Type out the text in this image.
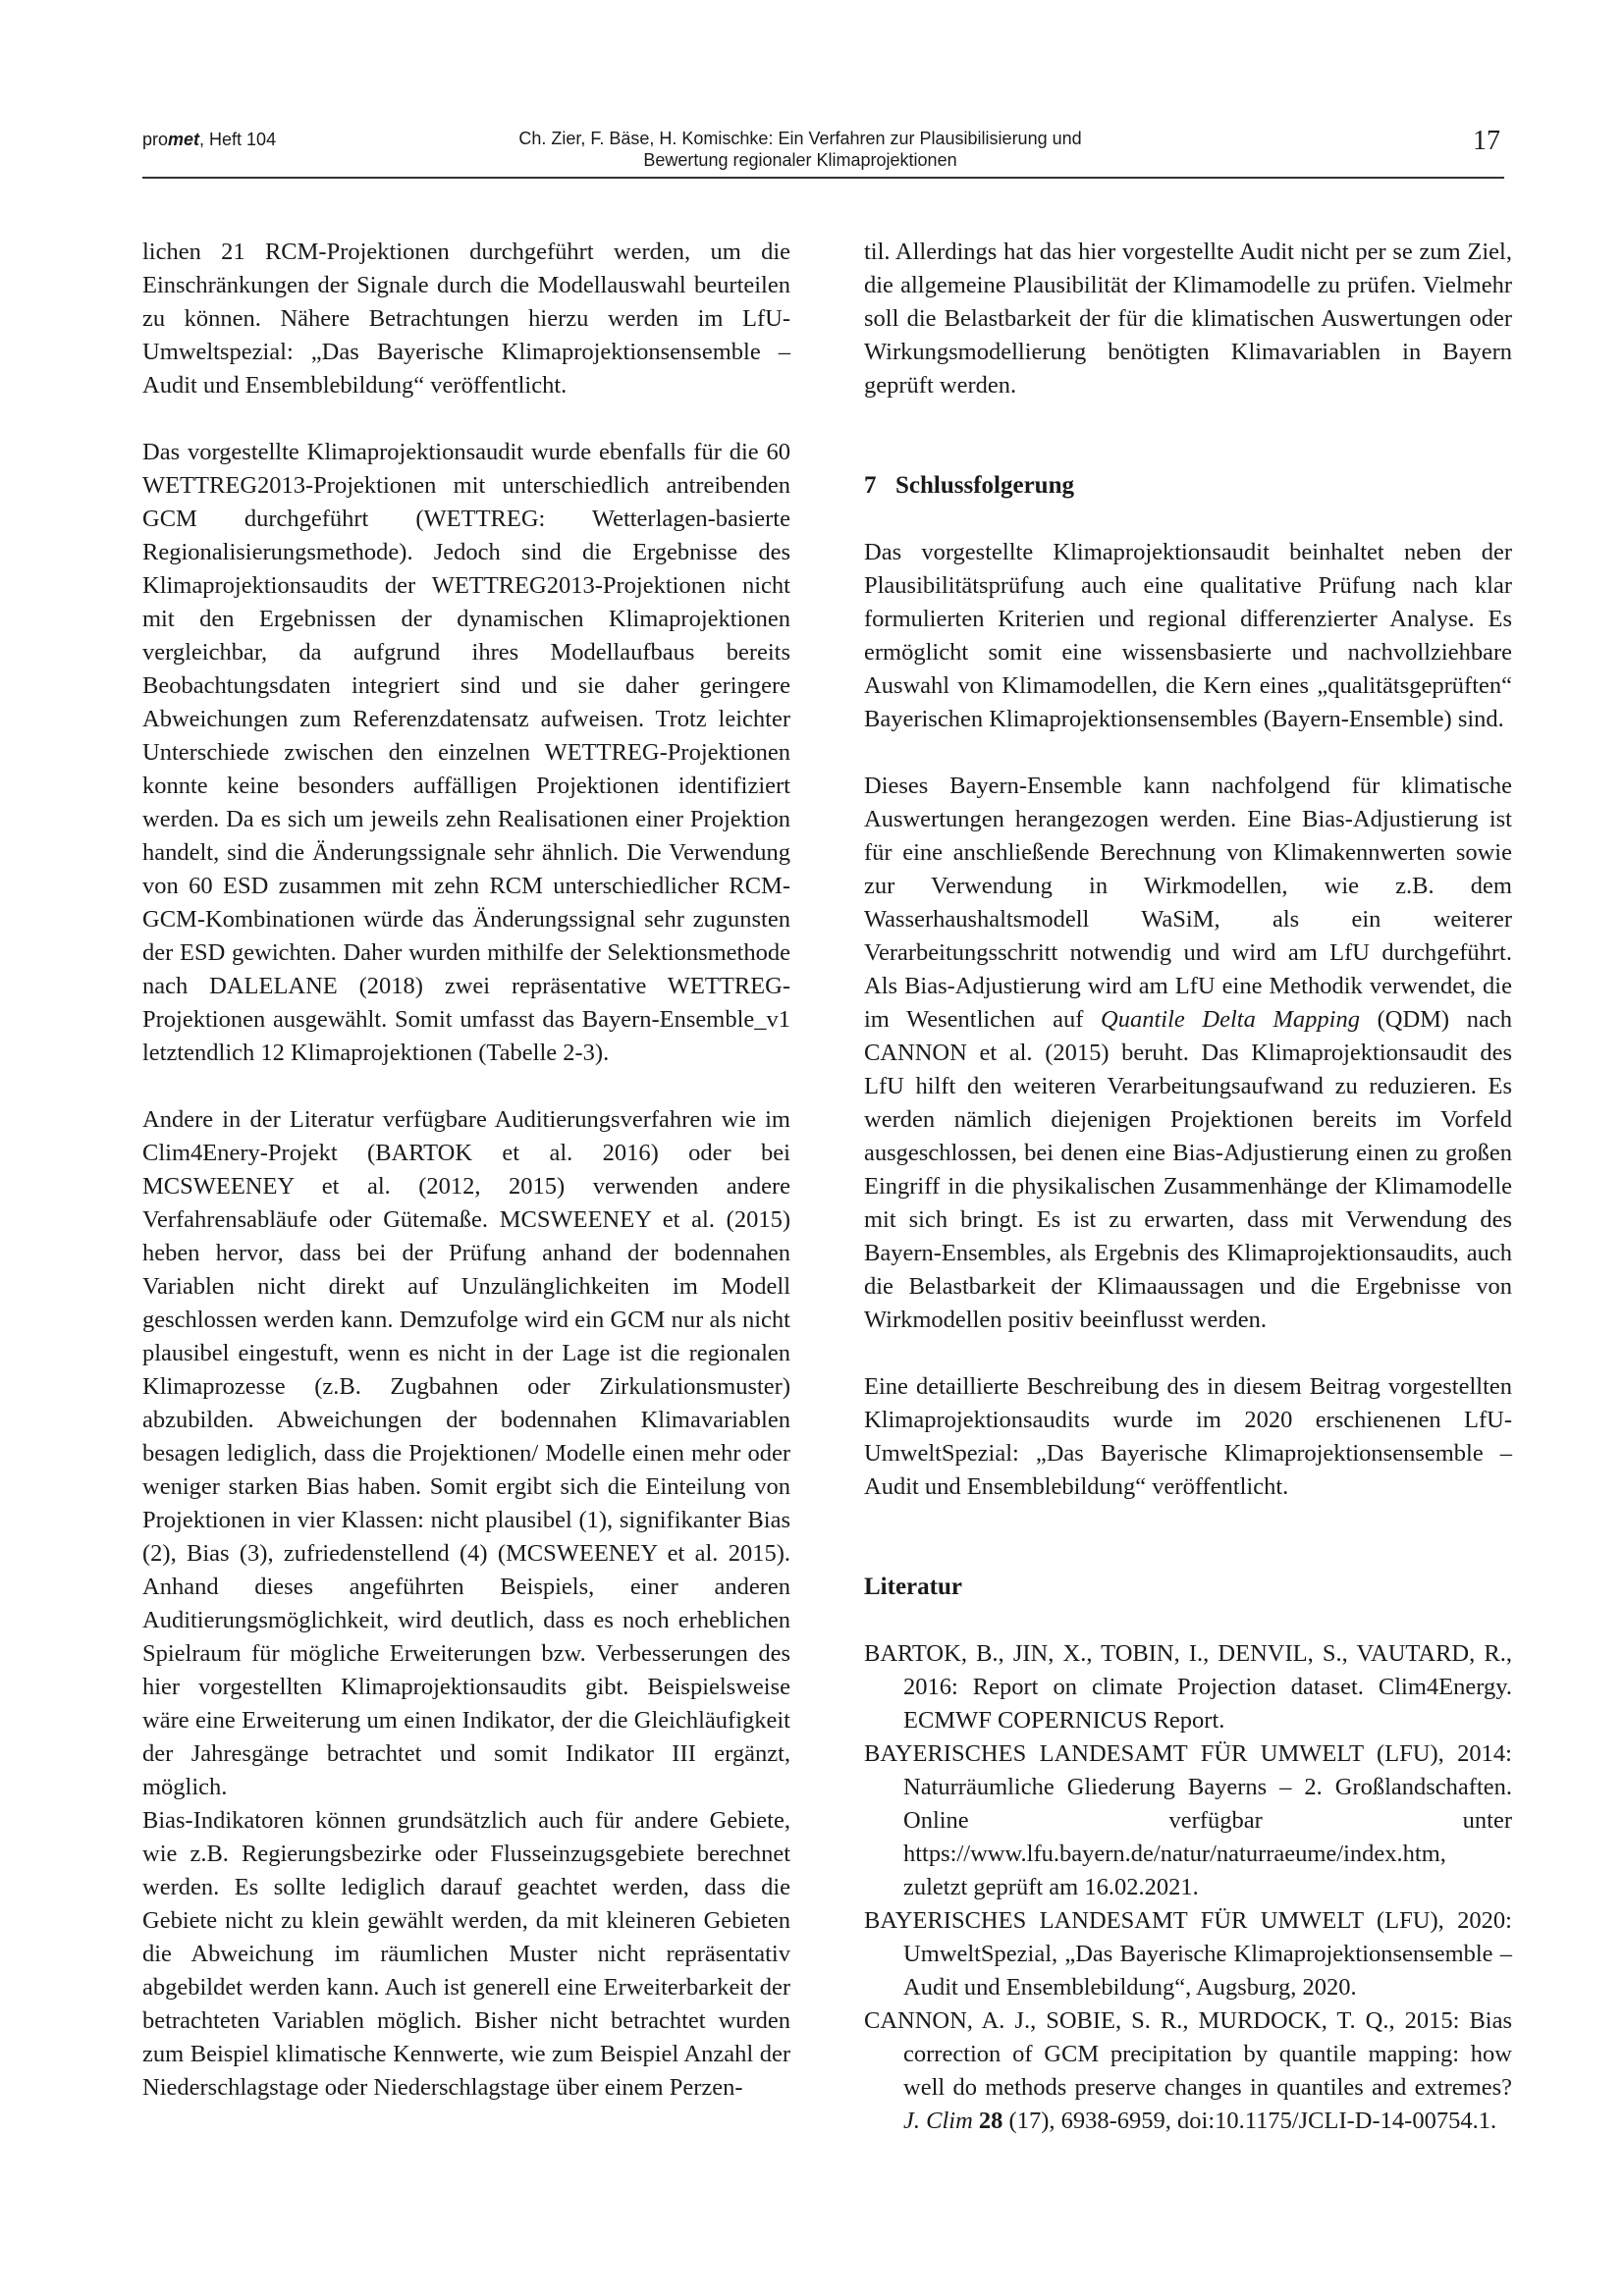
promet, Heft 104	Ch. Zier, F. Bäse, H. Komischke: Ein Verfahren zur Plausibilisierung und
Bewertung regionaler Klimaprojektionen
17

lichen 21 RCM-Projektionen durchgeführt werden, um die Einschränkungen der Signale durch die Modellauswahl beurteilen zu können. Nähere Betrachtungen hierzu werden im LfU-Umweltspezial: „Das Bayerische Klimaprojektionsensemble – Audit und Ensemblebildung“ veröffentlicht.

Das vorgestellte Klimaprojektionsaudit wurde ebenfalls für die 60 WETTREG2013-Projektionen mit unterschiedlich antreibenden GCM durchgeführt (WETTREG: Wetterlagen-basierte Regionalisierungsmethode). Jedoch sind die Ergebnisse des Klimaprojektionsaudits der WETTREG2013-Projektionen nicht mit den Ergebnissen der dynamischen Klimaprojektionen vergleichbar, da aufgrund ihres Modellaufbaus bereits Beobachtungsdaten integriert sind und sie daher geringere Abweichungen zum Referenzdatensatz aufweisen. Trotz leichter Unterschiede zwischen den einzelnen WETTREG-Projektionen konnte keine besonders auffälligen Projektionen identifiziert werden. Da es sich um jeweils zehn Realisationen einer Projektion handelt, sind die Änderungssignale sehr ähnlich. Die Verwendung von 60 ESD zusammen mit zehn RCM unterschiedlicher RCM-GCM-Kombinationen würde das Änderungssignal sehr zugunsten der ESD gewichten. Daher wurden mithilfe der Selektionsmethode nach DALELANE (2018) zwei repräsentative WETTREG-Projektionen ausgewählt. Somit umfasst das Bayern-Ensemble_v1 letztendlich 12 Klimaprojektionen (Tabelle 2-3).

Andere in der Literatur verfügbare Auditierungsverfahren wie im Clim4Enery-Projekt (BARTOK et al. 2016) oder bei MCSWEENEY et al. (2012, 2015) verwenden andere Verfahrensabläufe oder Gütemaße. MCSWEENEY et al. (2015) heben hervor, dass bei der Prüfung anhand der bodennahen Variablen nicht direkt auf Unzulänglichkeiten im Modell geschlossen werden kann. Demzufolge wird ein GCM nur als nicht plausibel eingestuft, wenn es nicht in der Lage ist die regionalen Klimaprozesse (z.B. Zugbahnen oder Zirkulationsmuster) abzubilden. Abweichungen der bodennahen Klimavariablen besagen lediglich, dass die Projektionen/ Modelle einen mehr oder weniger starken Bias haben. Somit ergibt sich die Einteilung von Projektionen in vier Klassen: nicht plausibel (1), signifikanter Bias (2), Bias (3), zufriedenstellend (4) (MCSWEENEY et al. 2015). Anhand dieses angeführten Beispiels, einer anderen Auditierungsmöglichkeit, wird deutlich, dass es noch erheblichen Spielraum für mögliche Erweiterungen bzw. Verbesserungen des hier vorgestellten Klimaprojektionsaudits gibt. Beispielsweise wäre eine Erweiterung um einen Indikator, der die Gleichläufigkeit der Jahresgänge betrachtet und somit Indikator III ergänzt, möglich.

Bias-Indikatoren können grundsätzlich auch für andere Gebiete, wie z.B. Regierungsbezirke oder Flusseinzugsgebiete berechnet werden. Es sollte lediglich darauf geachtet werden, dass die Gebiete nicht zu klein gewählt werden, da mit kleineren Gebieten die Abweichung im räumlichen Muster nicht repräsentativ abgebildet werden kann. Auch ist generell eine Erweiterbarkeit der betrachteten Variablen möglich. Bisher nicht betrachtet wurden zum Beispiel klimatische Kennwerte, wie zum Beispiel Anzahl der Niederschlagstage oder Niederschlagstage über einem Perzen-

til. Allerdings hat das hier vorgestellte Audit nicht per se zum Ziel, die allgemeine Plausibilität der Klimamodelle zu prüfen. Vielmehr soll die Belastbarkeit der für die klimatischen Auswertungen oder Wirkungsmodellierung benötigten Klimavariablen in Bayern geprüft werden.

7 Schlussfolgerung

Das vorgestellte Klimaprojektionsaudit beinhaltet neben der Plausibilitätsprüfung auch eine qualitative Prüfung nach klar formulierten Kriterien und regional differenzierter Analyse. Es ermöglicht somit eine wissensbasierte und nachvollziehbare Auswahl von Klimamodellen, die Kern eines „qualitätsgeprüften“ Bayerischen Klimaprojektionsensembles (Bayern-Ensemble) sind.

Dieses Bayern-Ensemble kann nachfolgend für klimatische Auswertungen herangezogen werden. Eine Bias-Adjustierung ist für eine anschließende Berechnung von Klimakennwerten sowie zur Verwendung in Wirkmodellen, wie z.B. dem Wasserhaushaltsmodell WaSiM, als ein weiterer Verarbeitungsschritt notwendig und wird am LfU durchgeführt. Als Bias-Adjustierung wird am LfU eine Methodik verwendet, die im Wesentlichen auf Quantile Delta Mapping (QDM) nach CANNON et al. (2015) beruht. Das Klimaprojektionsaudit des LfU hilft den weiteren Verarbeitungsaufwand zu reduzieren. Es werden nämlich diejenigen Projektionen bereits im Vorfeld ausgeschlossen, bei denen eine Bias-Adjustierung einen zu großen Eingriff in die physikalischen Zusammenhänge der Klimamodelle mit sich bringt. Es ist zu erwarten, dass mit Verwendung des Bayern-Ensembles, als Ergebnis des Klimaprojektionsaudits, auch die Belastbarkeit der Klimaaussagen und die Ergebnisse von Wirkmodellen positiv beeinflusst werden.

Eine detaillierte Beschreibung des in diesem Beitrag vorgestellten Klimaprojektionsaudits wurde im 2020 erschienenen LfU-UmweltSpezial: „Das Bayerische Klimaprojektionsensemble – Audit und Ensemblebildung“ veröffentlicht.

Literatur
BARTOK, B., JIN, X., TOBIN, I., DENVIL, S., VAUTARD, R., 2016: Report on climate Projection dataset. Clim4Energy. ECMWF COPERNICUS Report.
BAYERISCHES LANDESAMT FÜR UMWELT (LFU), 2014: Naturräumliche Gliederung Bayerns – 2. Großlandschaften. Online verfügbar unter https://www.lfu.bayern.de/natur/naturraeume/index.htm, zuletzt geprüft am 16.02.2021.
BAYERISCHES LANDESAMT FÜR UMWELT (LFU), 2020: UmweltSpezial, „Das Bayerische Klimaprojektionsensemble – Audit und Ensemblebildung“, Augsburg, 2020.
CANNON, A. J., SOBIE, S. R., MURDOCK, T. Q., 2015: Bias correction of GCM precipitation by quantile mapping: how well do methods preserve changes in quantiles and extremes? J. Clim 28 (17), 6938-6959, doi:10.1175/JCLI-D-14-00754.1.
